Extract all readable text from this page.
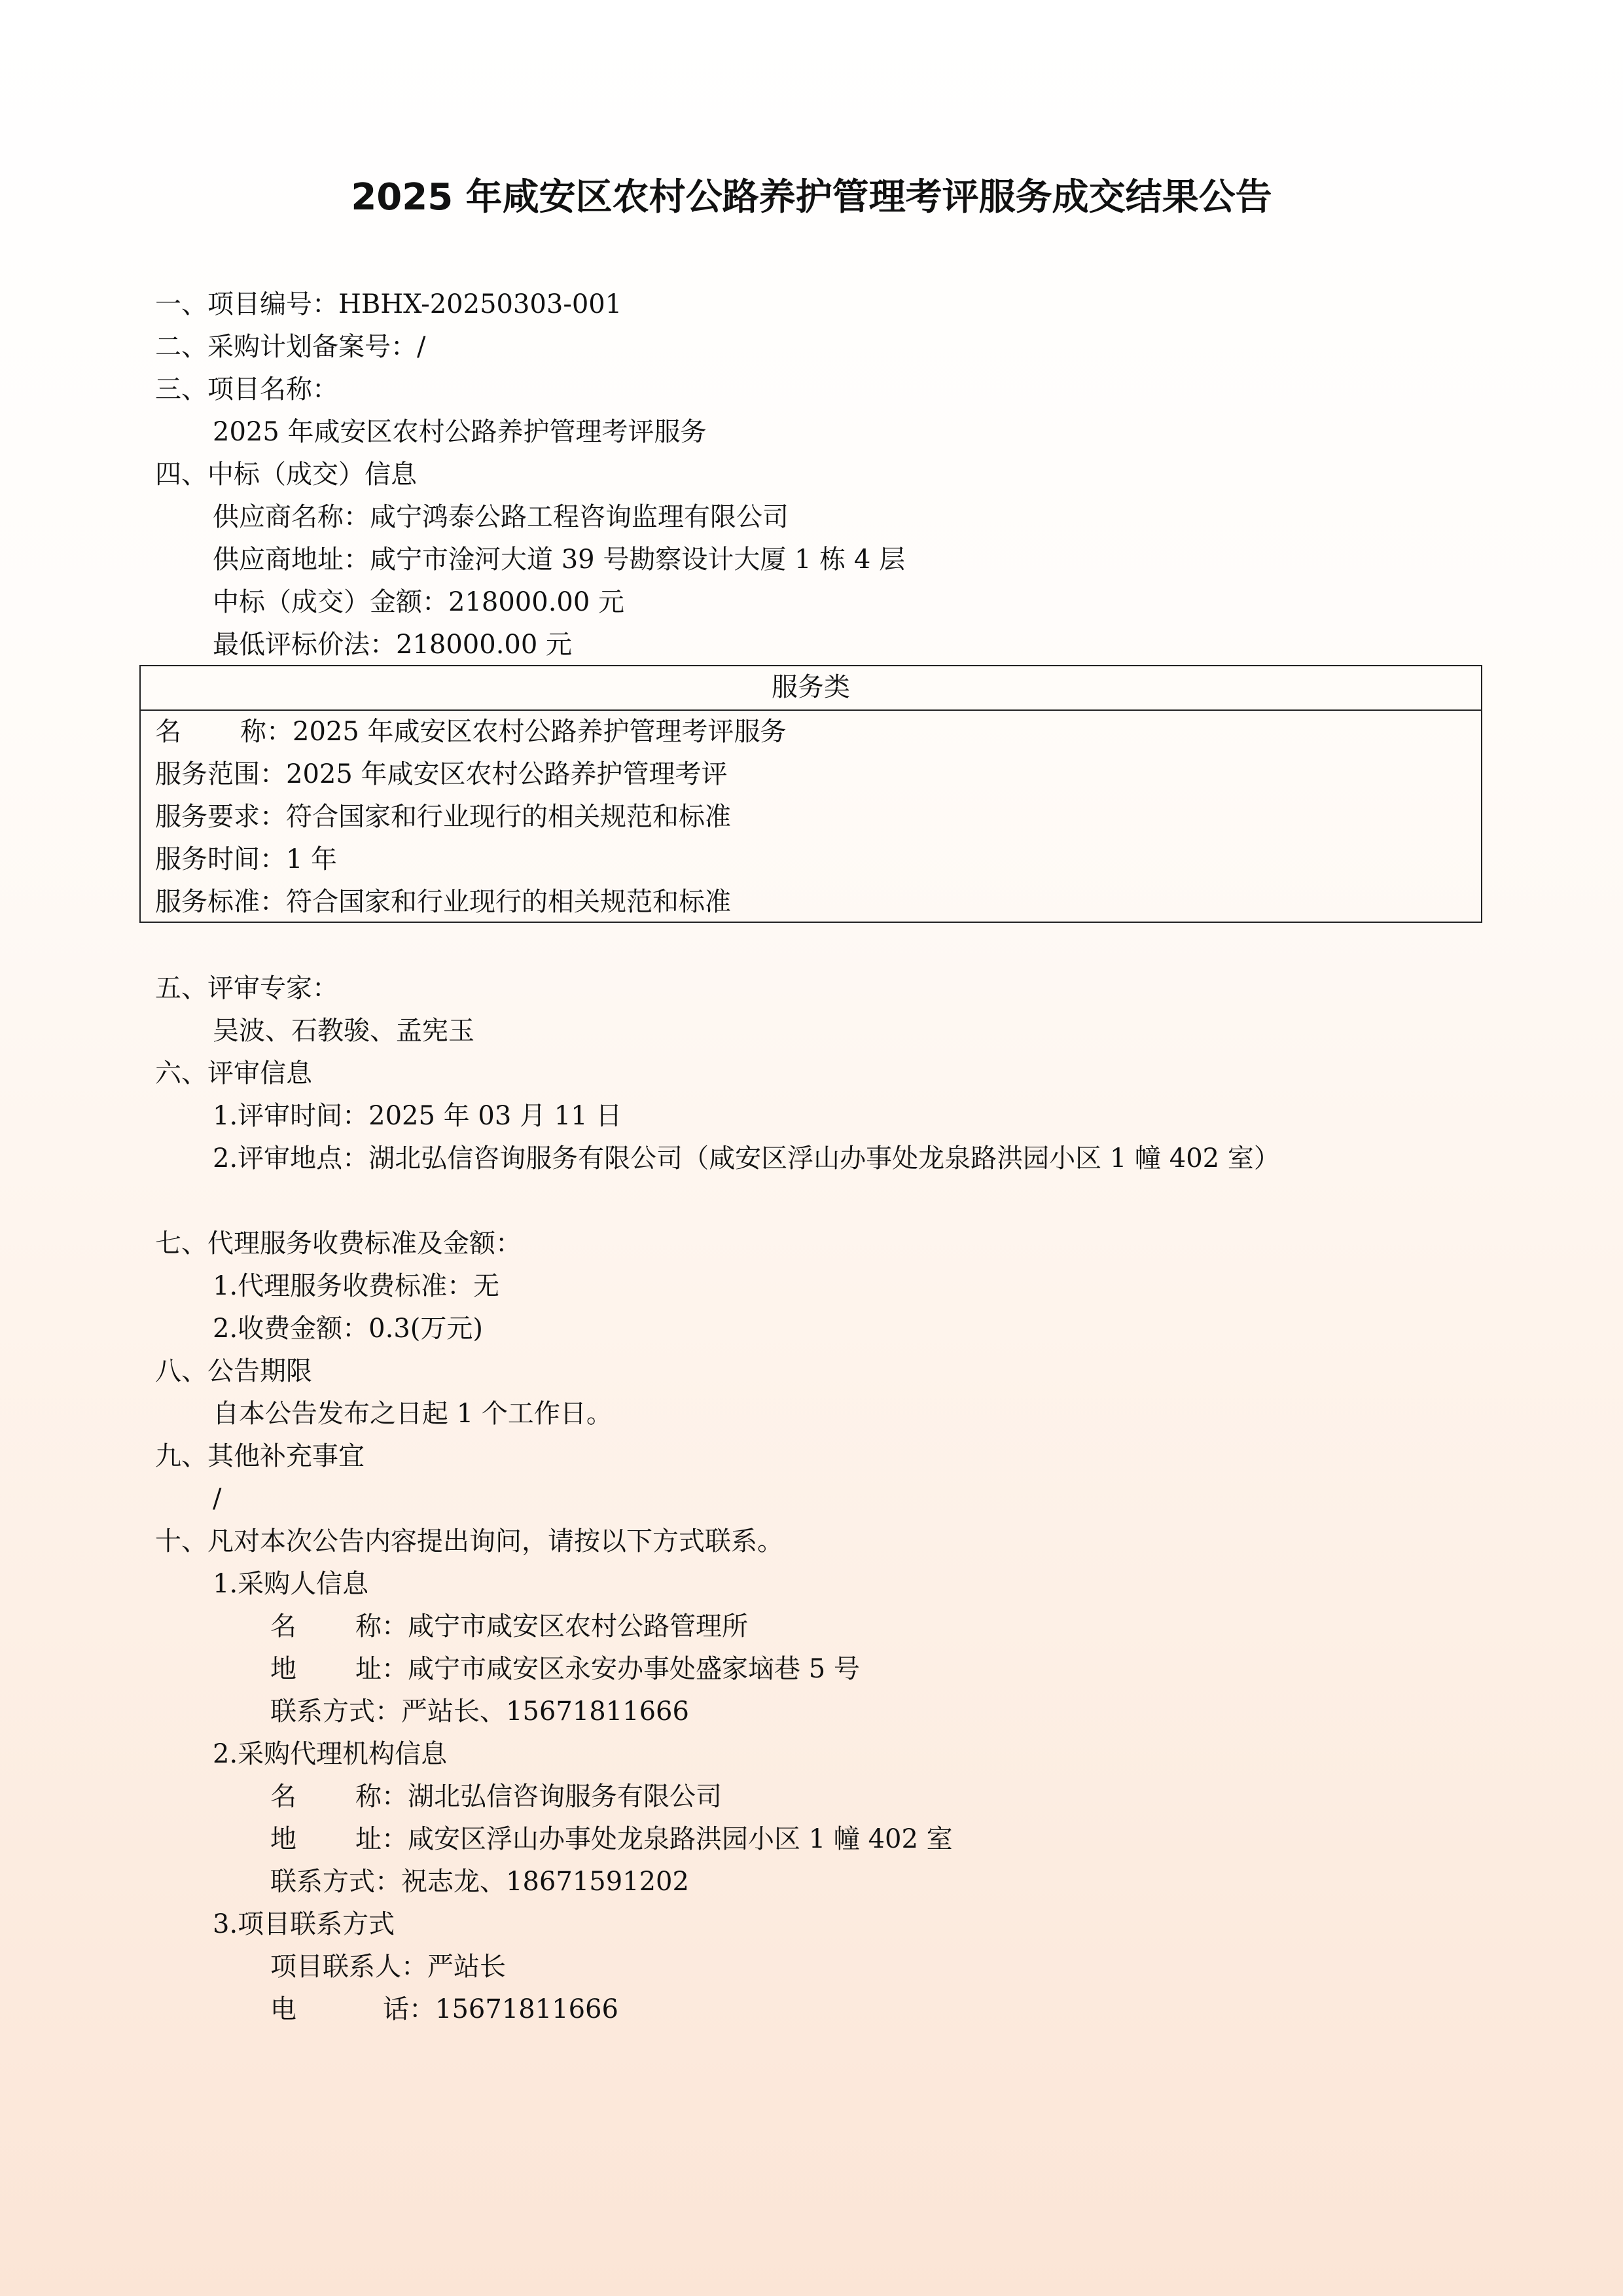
2025 年咸安区农村公路养护管理考评服务成交结果公告
一、项目编号：HBHX-20250303-001
二、采购计划备案号：/
三、项目名称：
2025 年咸安区农村公路养护管理考评服务
四、中标（成交）信息
供应商名称：咸宁鸿泰公路工程咨询监理有限公司
供应商地址：咸宁市淦河大道 39 号勘察设计大厦 1 栋 4 层
中标（成交）金额：218000.00 元
最低评标价法：218000.00 元
服务类
名 称：2025 年咸安区农村公路养护管理考评服务
服务范围：2025 年咸安区农村公路养护管理考评
服务要求：符合国家和行业现行的相关规范和标准
服务时间：1 年
服务标准：符合国家和行业现行的相关规范和标准
五、评审专家：
吴波、石教骏、孟宪玉
六、评审信息
1.评审时间：2025 年 03 月 11 日
2.评审地点：湖北弘信咨询服务有限公司（咸安区浮山办事处龙泉路洪园小区 1 幢 402 室）
七、代理服务收费标准及金额：
1.代理服务收费标准：无
2.收费金额：0.3(万元)
八、公告期限
自本公告发布之日起 1 个工作日。
九、其他补充事宜
/
十、凡对本次公告内容提出询问，请按以下方式联系。
1.采购人信息
名 称：咸宁市咸安区农村公路管理所
地 址：咸宁市咸安区永安办事处盛家垴巷 5 号
联系方式：严站长、15671811666
2.采购代理机构信息
名 称：湖北弘信咨询服务有限公司
地 址：咸安区浮山办事处龙泉路洪园小区 1 幢 402 室
联系方式：祝志龙、18671591202
3.项目联系方式
项目联系人：严站长
电	话：15671811666
